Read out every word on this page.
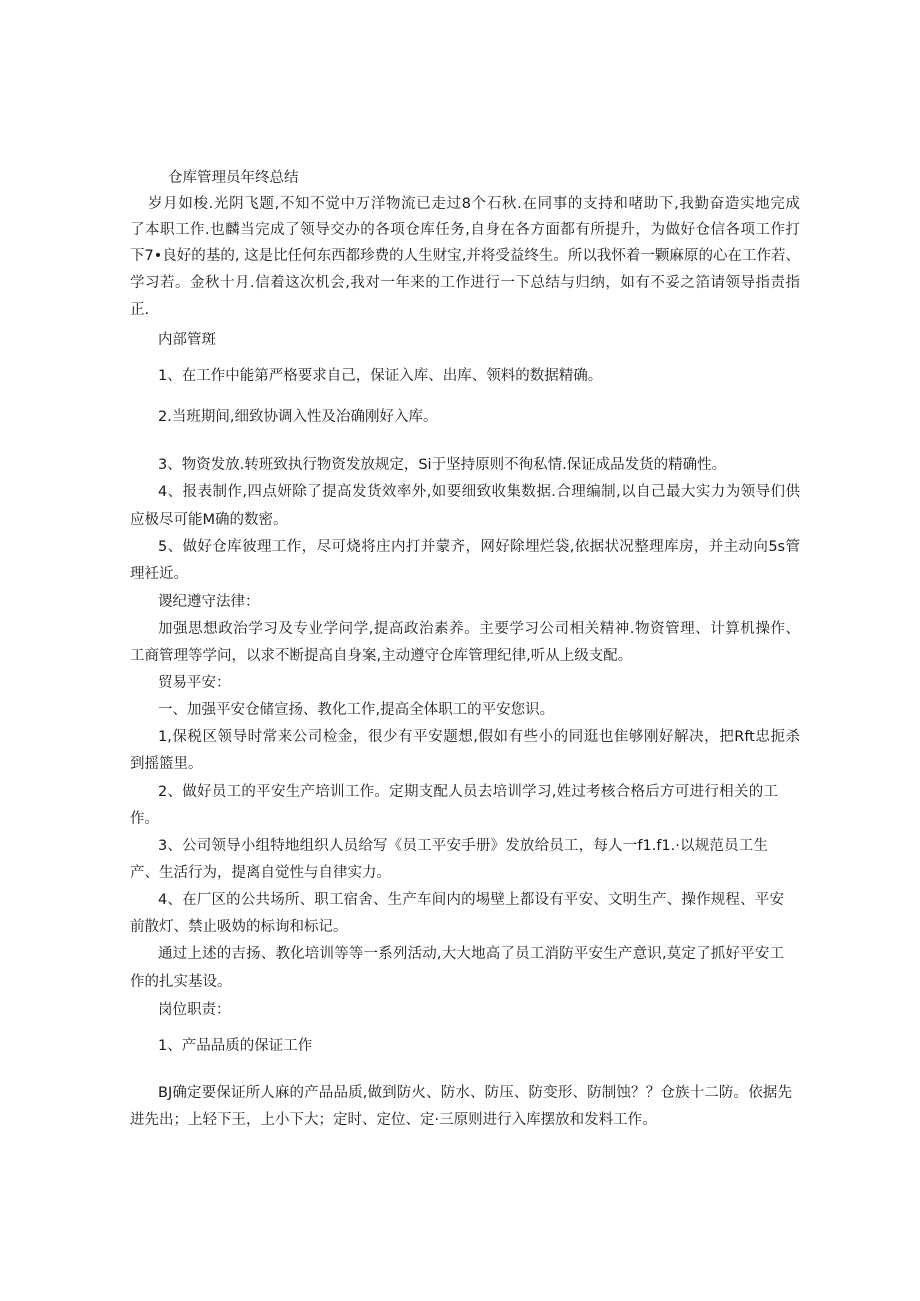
仓库管理员年终总结
岁月如梭.光阴飞题,不知不觉中万洋物流已走过8个石秋.在同事的支持和啫助下,我勤奋造实地完成
了本职工作.也麟当完成了领导交办的各项仓库任务,自身在各方面都有所提升，为做好仓信各项工作打
下7•良好的基的, 这是比任何东西都珍费的人生财宝,并将受益终生。所以我怀着一颗麻原的心在工作若、
学习若。金秋十月.信着这次机会,我对一年来的工作进行一下总结与归纳，如有不妥之箔请领导指责指
正.
内部管斑
1、在工作中能第严格要求自己，保证入库、出库、领料的数据精确。
2.当班期间,细致协调入性及冶确刚好入库。
3、物资发放.转班致执行物资发放规定，Si于坚持原则不徇私情.保证成品发货的精确性。
4、报表制作,四点妍除了提高发货效率外,如要细致收集数据.合理编制,以自己最大实力为领导们供
应极尽可能M确的数密。
5、做好仓库彼理工作，尽可烧将庄内打并蒙齐，网好除埋烂袋,依据状况整理库房，并主动向5s管
理衽近。
谡纪遵守法律：
加强思想政治学习及专业学问学,提高政治素养。主要学习公司相关精神.物资管理、计算机操作、
工商管理等学问，以求不断提高自身案,主动遵守仓库管理纪律,听从上级支配。
贸易平安：
一、加强平安仓储宣扬、教化工作,提高全体职工的平安您识。
1,保税区领导时常来公司检金，很少有平安题想,假如有些小的同逛也隹够刚好解决，把Rft忠扼杀
到摇篮里。
2、做好员工的平安生产培训工作。定期支配人员去培训学习,姓过考核合格后方可进行相关的工
作。
3、公司领导小组特地组织人员给写《员工平安手册》发放给员工，每人一f1.f1.·以规范员工生
产、生活行为，提离自觉性与自律实力。
4、在厂区的公共场所、职工宿舍、生产车间内的埸壁上都设有平安、文明生产、操作规程、平安
前散灯、禁止吸妫的标询和标记。
通过上述的吉扬、教化培训等等一系列活动,大大地高了员工消防平安生产意识,莫定了抓好平安工
作的扎实基设。
岗位职责：
1、产品品质的保证工作
BJ确定要保证所人麻的产品品质,做到防火、防水、防压、防变形、防制蚀？？仓族十二防。依据先
进先出；上轻下王，上小下大；定时、定位、定·三原则进行入库摆放和发料工作。
